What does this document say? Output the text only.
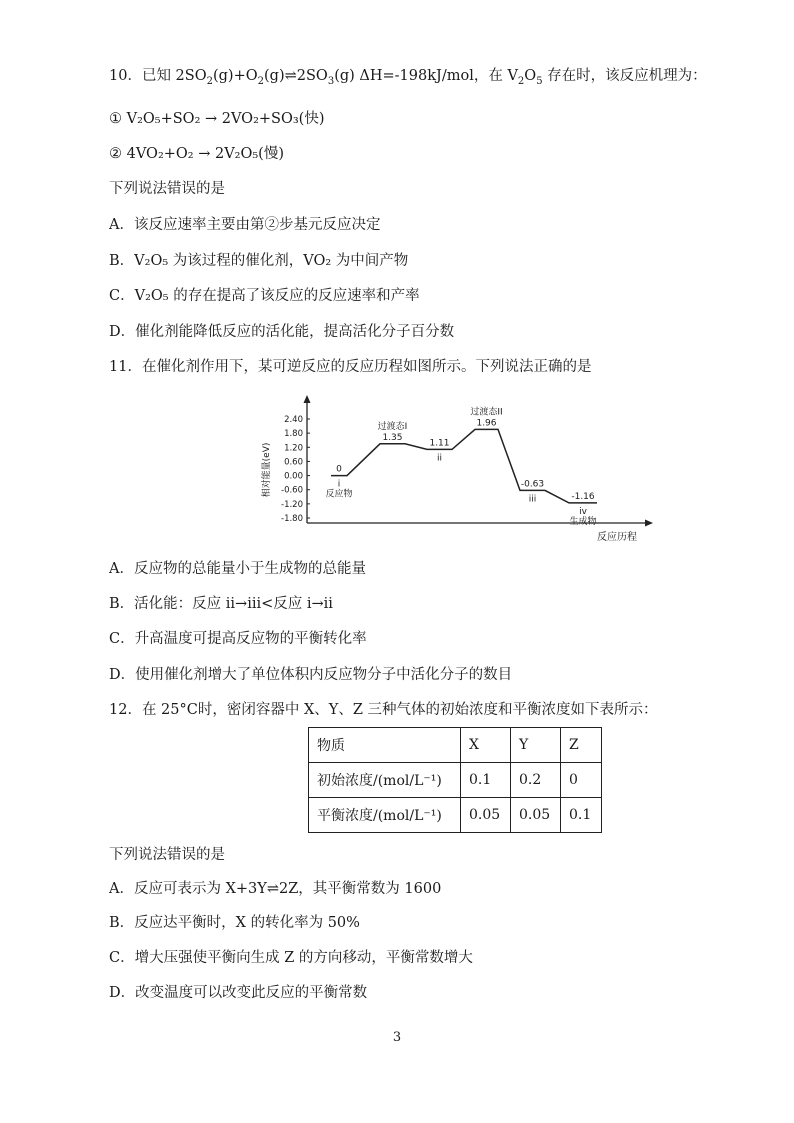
10．已知 $2SO_2(g)+O_2(g)\rightleftharpoons 2SO_3(g)$ ΔH=-198kJ/mol，在 $V_2O_5$ 存在时，该反应机理为：
① V₂O₅+SO₂ → 2VO₂+SO₃(快)
② 4VO₂+O₂ → 2V₂O₅(慢)
下列说法错误的是
A．该反应速率主要由第②步基元反应决定
B．V₂O₅ 为该过程的催化剂，VO₂ 为中间产物
C．V₂O₅ 的存在提高了该反应的反应速率和产率
D．催化剂能降低反应的活化能，提高活化分子百分数
11．在催化剂作用下，某可逆反应的反应历程如图所示。下列说法正确的是
相对能量(eV)
反应历程
2.40
1.80
1.20
0.60
0.00
-0.60
-1.20
-1.80
0
i
反应物
1.35
过渡态I
1.11
ii
1.96
过渡态II
-0.63
iii	-1.16
iv
生成物
A．反应物的总能量小于生成物的总能量
B．活化能：反应 ii→iii<反应 i→ii
C．升高温度可提高反应物的平衡转化率
D．使用催化剂增大了单位体积内反应物分子中活化分子的数目
12．在 25°C时，密闭容器中 X、Y、Z 三种气体的初始浓度和平衡浓度如下表所示：
物质	X	Y	Z
初始浓度/(mol/L⁻¹)	0.1	0.2	0
平衡浓度/(mol/L⁻¹)	0.05	0.05	0.1
下列说法错误的是
A．反应可表示为 X+3Y⇌2Z，其平衡常数为 1600
B．反应达平衡时，X 的转化率为 50%
C．增大压强使平衡向生成 Z 的方向移动，平衡常数增大
D．改变温度可以改变此反应的平衡常数
3
